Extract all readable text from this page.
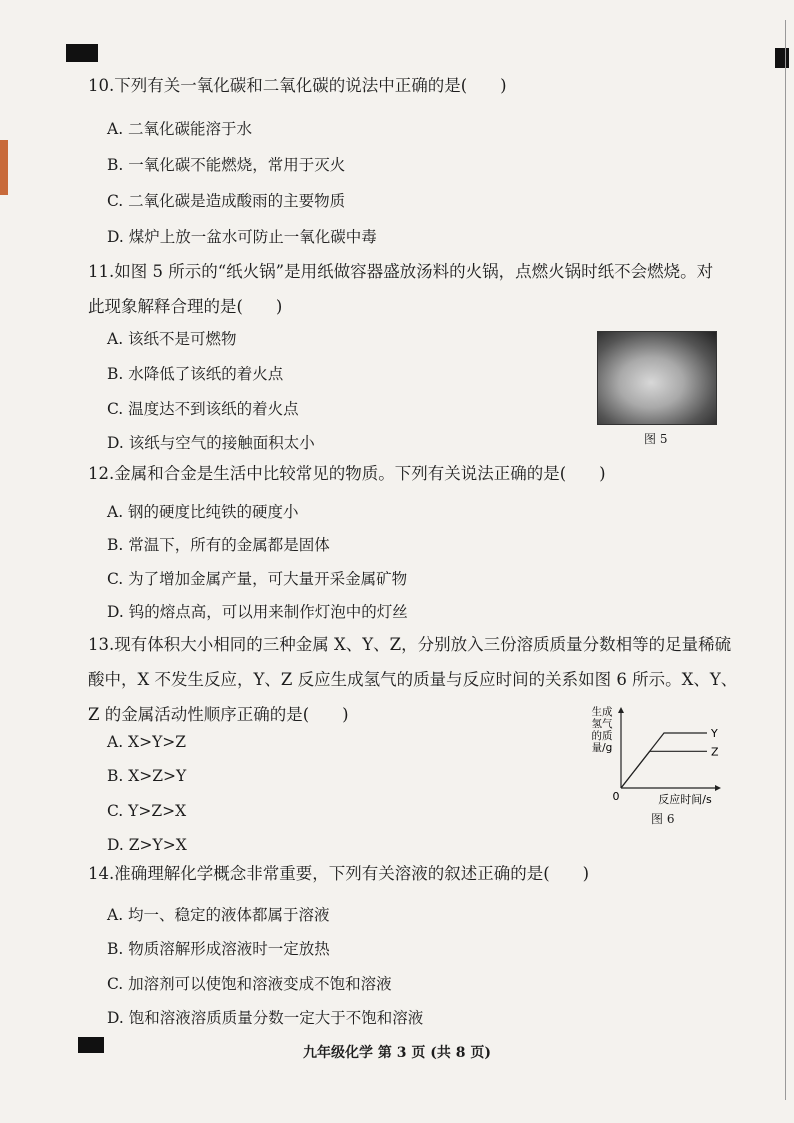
10.下列有关一氧化碳和二氧化碳的说法中正确的是(　　)
A. 二氧化碳能溶于水
B. 一氧化碳不能燃烧，常用于灭火
C. 二氧化碳是造成酸雨的主要物质
D. 煤炉上放一盆水可防止一氧化碳中毒
11.如图 5 所示的“纸火锅”是用纸做容器盛放汤料的火锅，点燃火锅时纸不会燃烧。对此现象解释合理的是(　　)
A. 该纸不是可燃物
B. 水降低了该纸的着火点
C. 温度达不到该纸的着火点
D. 该纸与空气的接触面积太小	图 5
12.金属和合金是生活中比较常见的物质。下列有关说法正确的是(　　)
A. 钢的硬度比纯铁的硬度小
B. 常温下，所有的金属都是固体
C. 为了增加金属产量，可大量开采金属矿物
D. 钨的熔点高，可以用来制作灯泡中的灯丝
13.现有体积大小相同的三种金属 X、Y、Z，分别放入三份溶质质量分数相等的足量稀硫酸中，X 不发生反应，Y、Z 反应生成氢气的质量与反应时间的关系如图 6 所示。X、Y、Z 的金属活动性顺序正确的是(　　)
A. X>Y>Z
B. X>Z>Y
C. Y>Z>X
D. Z>Y>X
生成
氢气
的质
量/g
0	反应时间/s
Y
Z
图 6
14.准确理解化学概念非常重要，下列有关溶液的叙述正确的是(　　)
A. 均一、稳定的液体都属于溶液
B. 物质溶解形成溶液时一定放热
C. 加溶剂可以使饱和溶液变成不饱和溶液
D. 饱和溶液溶质质量分数一定大于不饱和溶液
九年级化学 第 3 页 (共 8 页)
